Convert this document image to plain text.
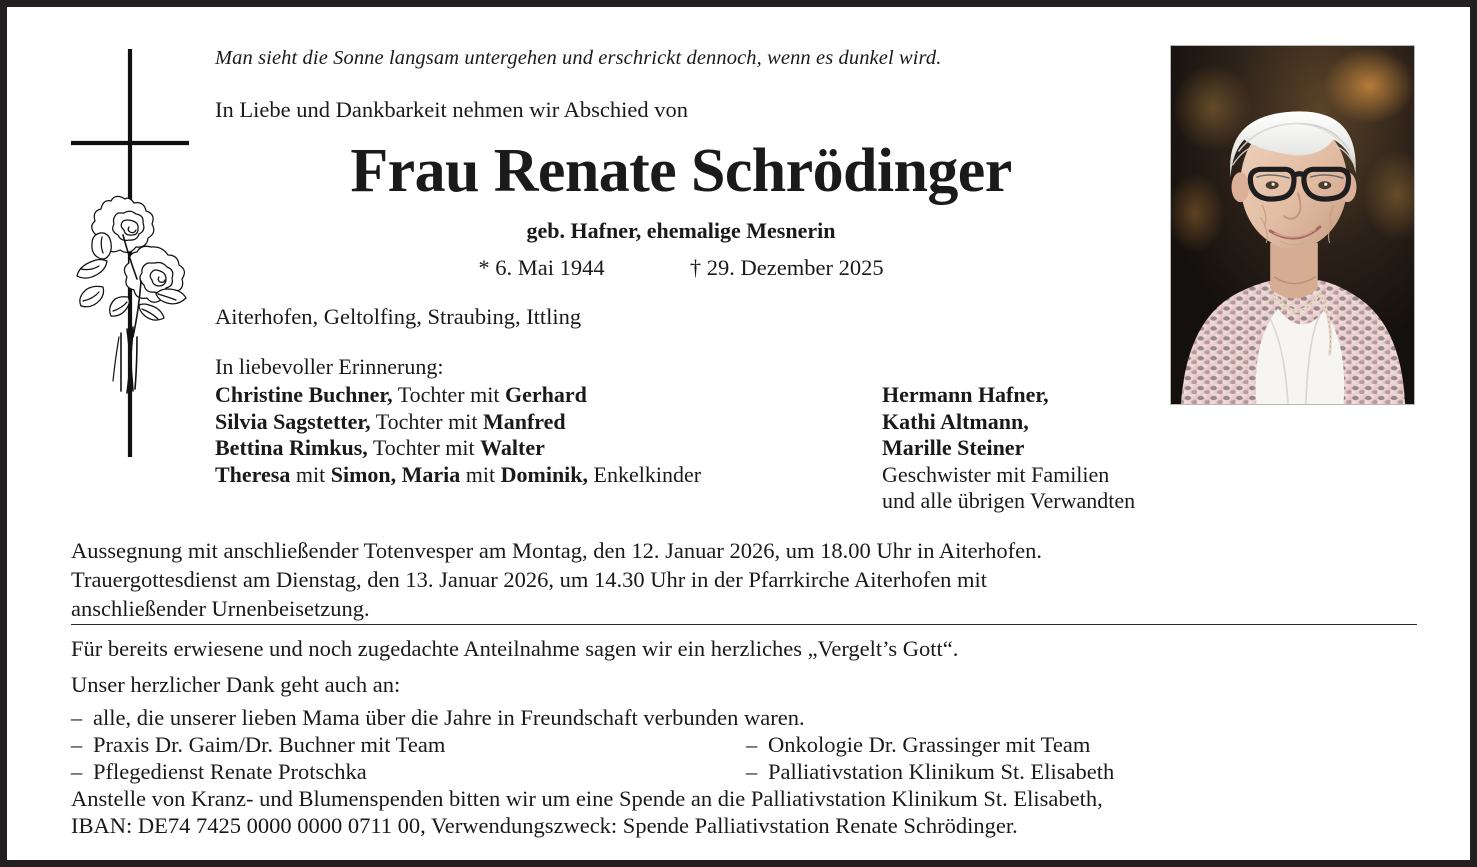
Man sieht die Sonne langsam untergehen und erschrickt dennoch, wenn es dunkel wird.
In Liebe und Dankbarkeit nehmen wir Abschied von
Frau Renate Schrödinger
geb. Hafner, ehemalige Mesnerin
* 6. Mai 1944	† 29. Dezember 2025
Aiterhofen, Geltolfing, Straubing, Ittling
In liebevoller Erinnerung:
Christine Buchner, Tochter mit Gerhard
Silvia Sagstetter, Tochter mit Manfred
Bettina Rimkus, Tochter mit Walter
Theresa mit Simon, Maria mit Dominik, Enkelkinder
Hermann Hafner,
Kathi Altmann,
Marille Steiner
Geschwister mit Familien
und alle übrigen Verwandten
Aussegnung mit anschließender Totenvesper am Montag, den 12. Januar 2026, um 18.00 Uhr in Aiterhofen.
Trauergottesdienst am Dienstag, den 13. Januar 2026, um 14.30 Uhr in der Pfarrkirche Aiterhofen mit
anschließender Urnenbeisetzung.
Für bereits erwiesene und noch zugedachte Anteilnahme sagen wir ein herzliches „Vergelt’s Gott“.
Unser herzlicher Dank geht auch an:
– alle, die unserer lieben Mama über die Jahre in Freundschaft verbunden waren.
– Praxis Dr. Gaim/Dr. Buchner mit Team	– Onkologie Dr. Grassinger mit Team
– Pflegedienst Renate Protschka	– Palliativstation Klinikum St. Elisabeth
Anstelle von Kranz- und Blumenspenden bitten wir um eine Spende an die Palliativstation Klinikum St. Elisabeth,
IBAN: DE74 7425 0000 0000 0711 00, Verwendungszweck: Spende Palliativstation Renate Schrödinger.
